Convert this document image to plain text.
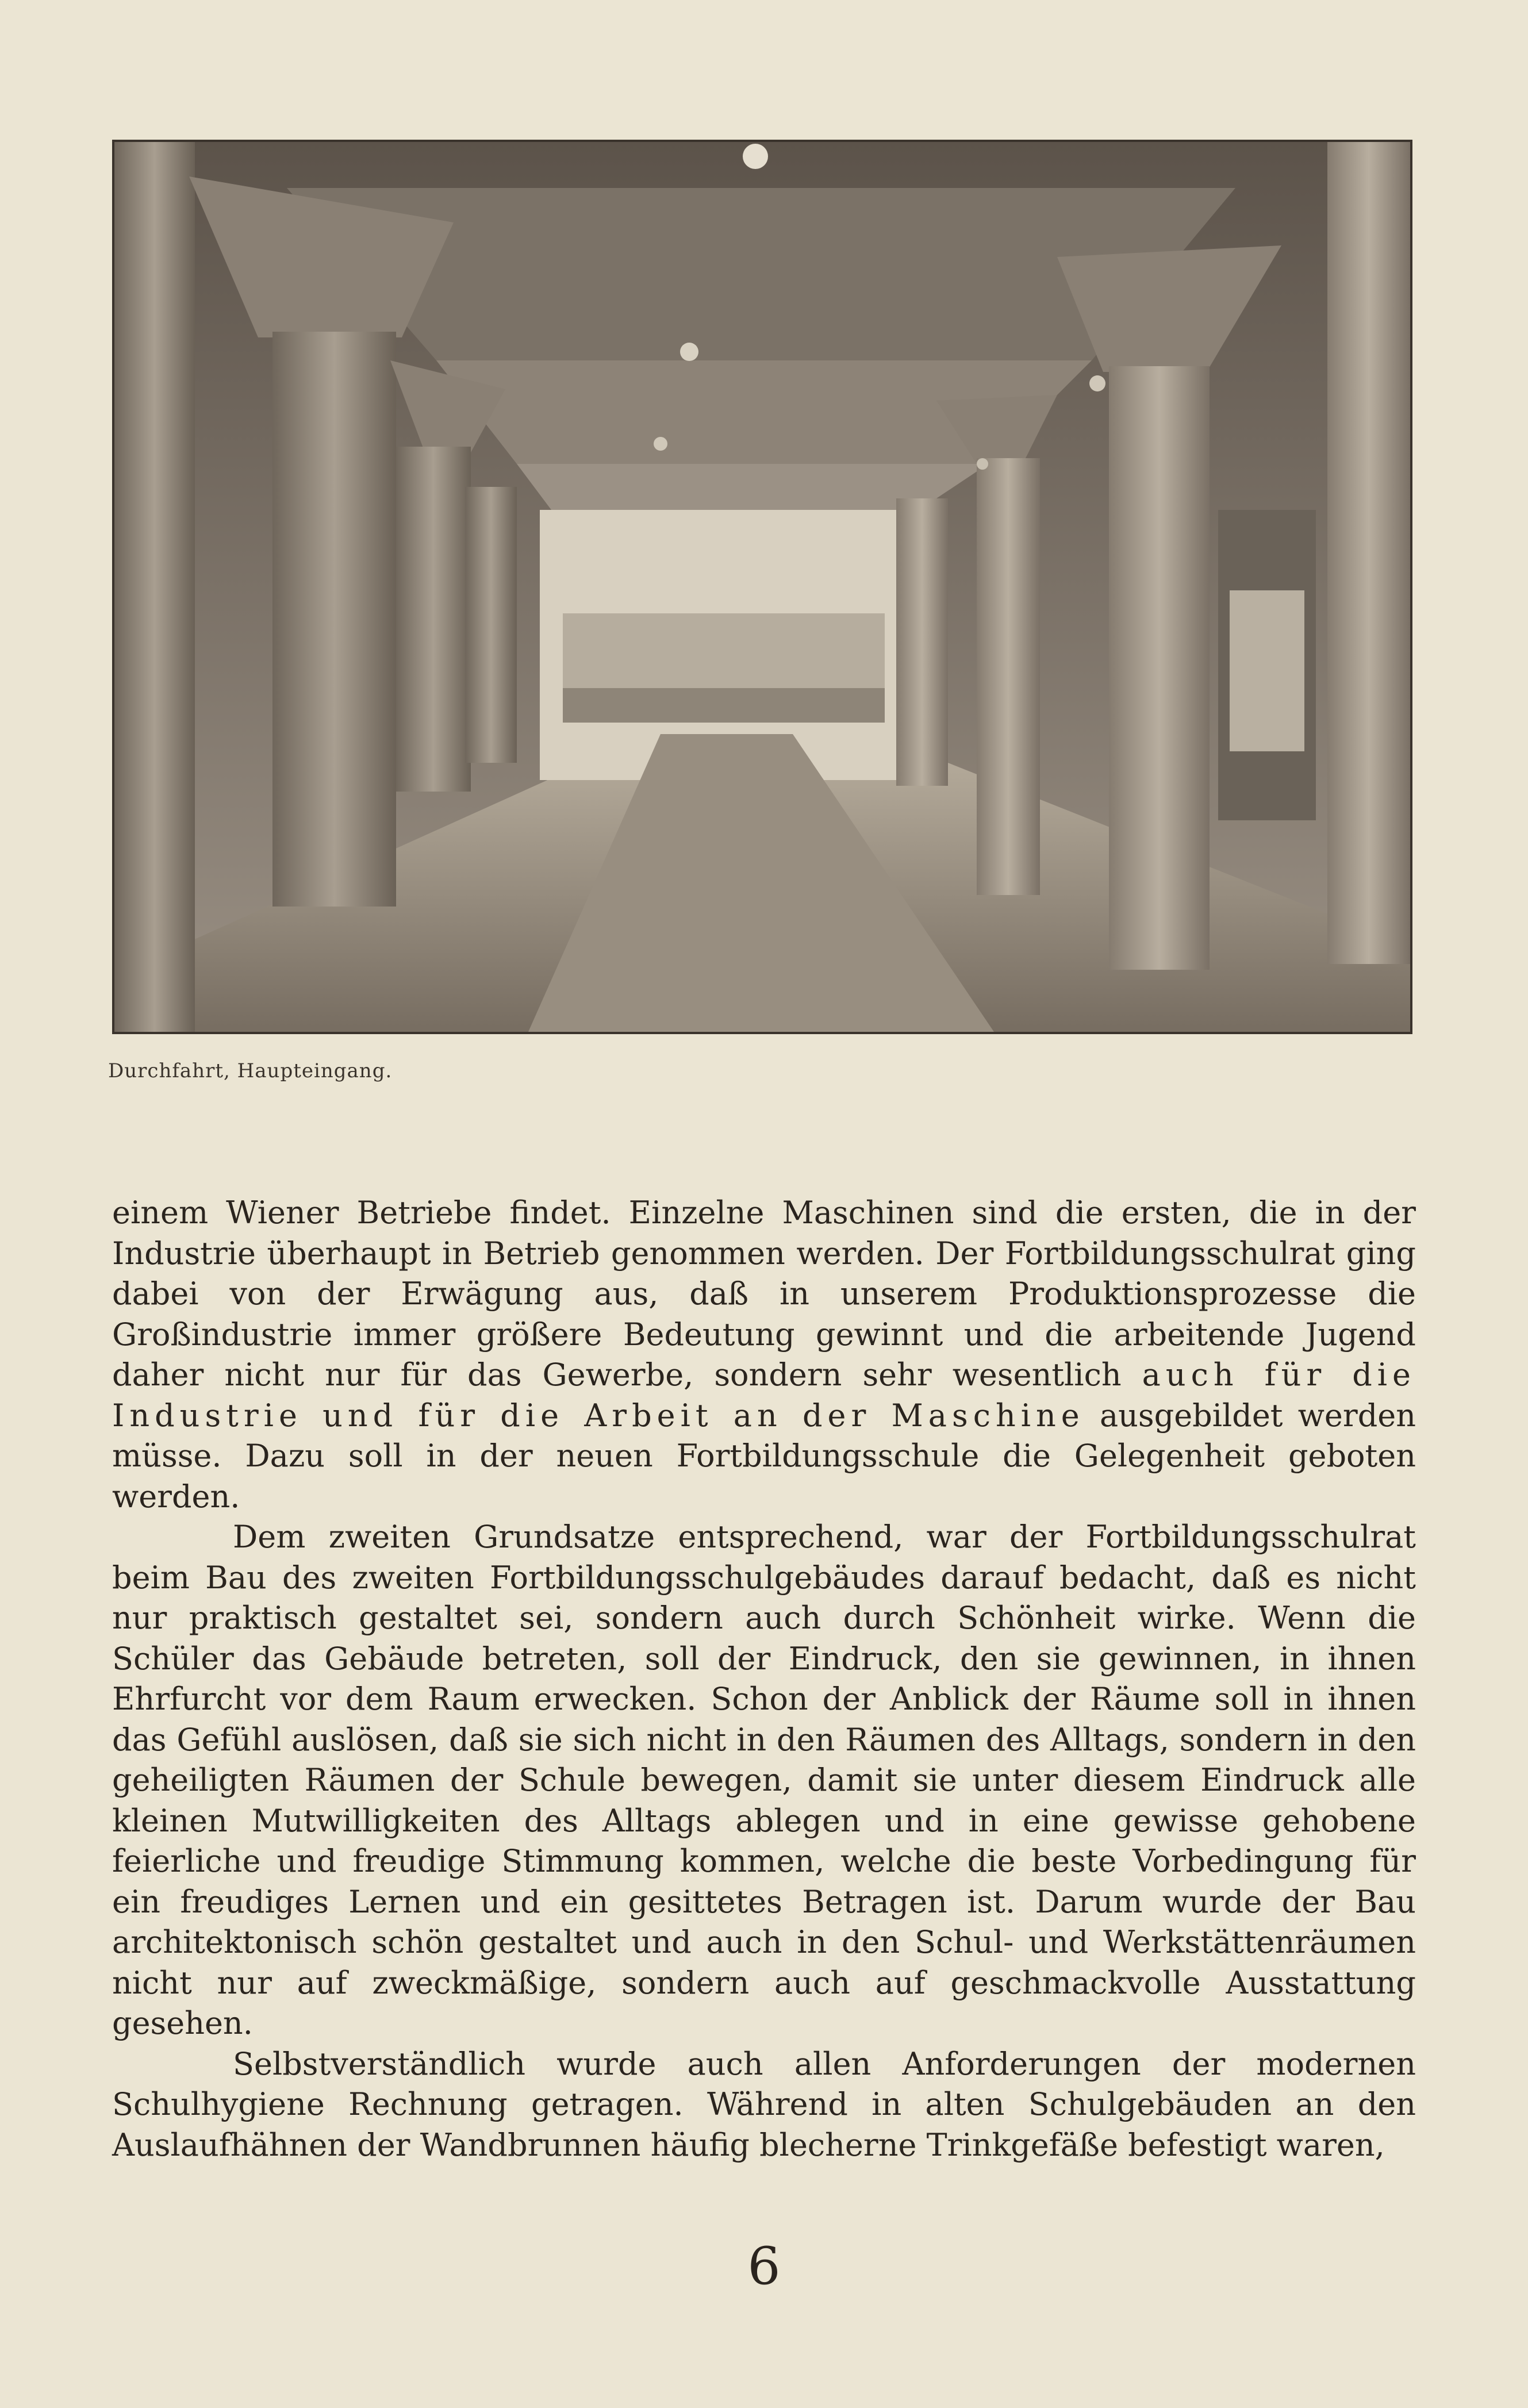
Durchfahrt, Haupteingang.

einem Wiener Betriebe findet. Einzelne Maschinen sind die ersten, die in der Industrie überhaupt in Betrieb genommen werden. Der Fortbildungsschulrat ging dabei von der Erwägung aus, daß in unserem Produktionsprozesse die Großindustrie immer größere Bedeutung gewinnt und die arbeitende Jugend daher nicht nur für das Gewerbe, sondern sehr wesentlich auch für die Industrie und für die Arbeit an der Maschine ausgebildet werden müsse. Dazu soll in der neuen Fortbildungsschule die Gelegenheit geboten werden.

Dem zweiten Grundsatze entsprechend, war der Fortbildungsschulrat beim Bau des zweiten Fortbildungsschulgebäudes darauf bedacht, daß es nicht nur praktisch gestaltet sei, sondern auch durch Schönheit wirke. Wenn die Schüler das Gebäude betreten, soll der Eindruck, den sie gewinnen, in ihnen Ehrfurcht vor dem Raum erwecken. Schon der Anblick der Räume soll in ihnen das Gefühl auslösen, daß sie sich nicht in den Räumen des Alltags, sondern in den geheiligten Räumen der Schule bewegen, damit sie unter diesem Eindruck alle kleinen Mutwilligkeiten des Alltags ablegen und in eine gewisse gehobene feierliche und freudige Stimmung kommen, welche die beste Vorbedingung für ein freudiges Lernen und ein gesittetes Betragen ist. Darum wurde der Bau architektonisch schön gestaltet und auch in den Schul- und Werkstättenräumen nicht nur auf zweckmäßige, sondern auch auf geschmackvolle Ausstattung gesehen.

Selbstverständlich wurde auch allen Anforderungen der modernen Schulhygiene Rechnung getragen. Während in alten Schulgebäuden an den Auslaufhähnen der Wandbrunnen häufig blecherne Trinkgefäße befestigt waren,

6
